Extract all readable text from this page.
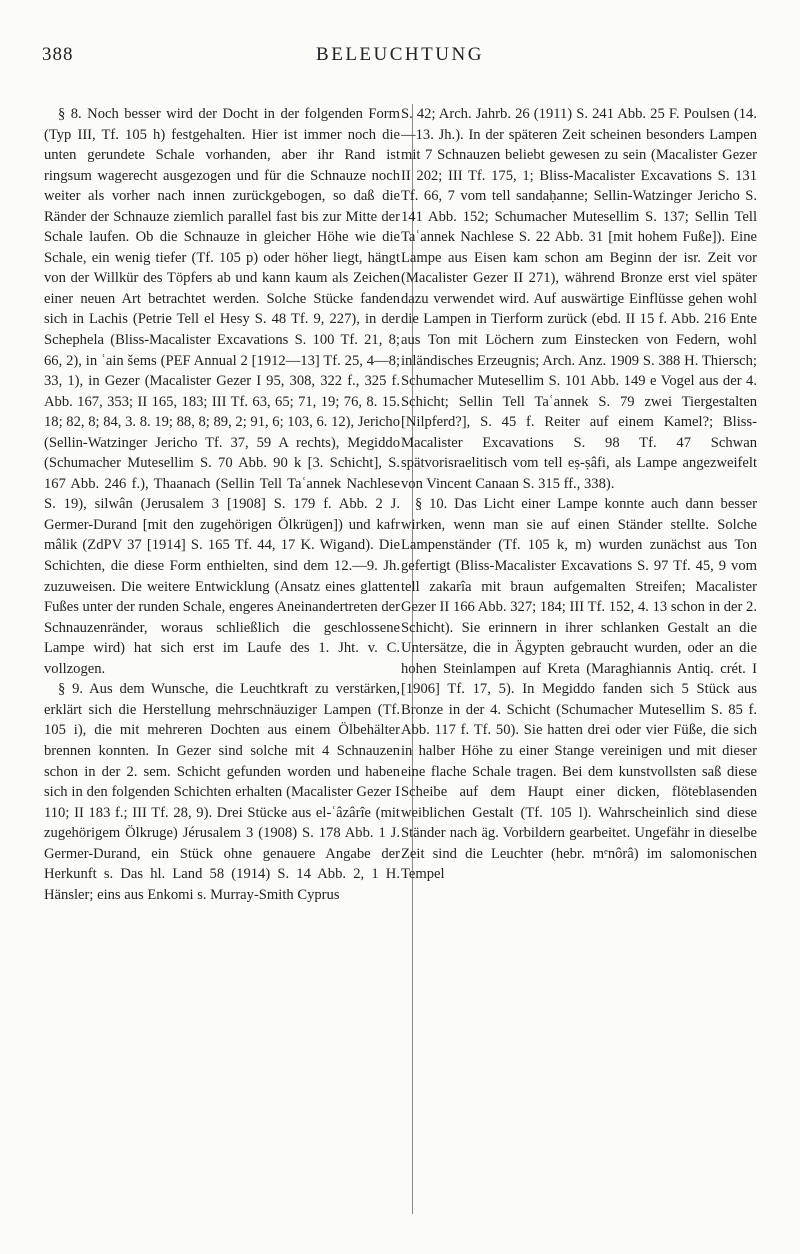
388	BELEUCHTUNG

§ 8. Noch besser wird der Docht in der folgenden Form (Typ III, Tf. 105 h) festgehalten. Hier ist immer noch die unten gerundete Schale vorhanden, aber ihr Rand ist ringsum wagerecht ausgezogen und für die Schnauze noch weiter als vorher nach innen zurückgebogen, so daß die Ränder der Schnauze ziemlich parallel fast bis zur Mitte der Schale laufen. Ob die Schnauze in gleicher Höhe wie die Schale, ein wenig tiefer (Tf. 105 p) oder höher liegt, hängt von der Willkür des Töpfers ab und kann kaum als Zeichen einer neuen Art betrachtet werden. Solche Stücke fanden sich in Lachis (Petrie Tell el Hesy S. 48 Tf. 9, 227), in der Schephela (Bliss-Macalister Excavations S. 100 Tf. 21, 8; 66, 2), in ʿain šems (PEF Annual 2 [1912—13] Tf. 25, 4—8; 33, 1), in Gezer (Macalister Gezer I 95, 308, 322 f., 325 f. Abb. 167, 353; II 165, 183; III Tf. 63, 65; 71, 19; 76, 8. 15. 18; 82, 8; 84, 3. 8. 19; 88, 8; 89, 2; 91, 6; 103, 6. 12), Jericho (Sellin-Watzinger Jericho Tf. 37, 59 A rechts), Megiddo (Schumacher Mutesellim S. 70 Abb. 90 k [3. Schicht], S. 167 Abb. 246 f.), Thaanach (Sellin Tell Taʿannek Nachlese S. 19), silwân (Jerusalem 3 [1908] S. 179 f. Abb. 2 J. Germer-Durand [mit den zugehörigen Ölkrügen]) und kafr mâlik (ZdPV 37 [1914] S. 165 Tf. 44, 17 K. Wigand). Die Schichten, die diese Form enthielten, sind dem 12.—9. Jh. zuzuweisen. Die weitere Entwicklung (Ansatz eines glatten Fußes unter der runden Schale, engeres Aneinandertreten der Schnauzenränder, woraus schließlich die geschlossene Lampe wird) hat sich erst im Laufe des 1. Jht. v. C. vollzogen.

§ 9. Aus dem Wunsche, die Leuchtkraft zu verstärken, erklärt sich die Herstellung mehrschnäuziger Lampen (Tf. 105 i), die mit mehreren Dochten aus einem Ölbehälter brennen konnten. In Gezer sind solche mit 4 Schnauzen schon in der 2. sem. Schicht gefunden worden und haben sich in den folgenden Schichten erhalten (Macalister Gezer I 110; II 183 f.; III Tf. 28, 9). Drei Stücke aus el-ʿâzârîe (mit zugehörigem Ölkruge) Jérusalem 3 (1908) S. 178 Abb. 1 J. Germer-Durand, ein Stück ohne genauere Angabe der Herkunft s. Das hl. Land 58 (1914) S. 14 Abb. 2, 1 H. Hänsler; eins aus Enkomi s. Murray-Smith Cyprus

S. 42; Arch. Jahrb. 26 (1911) S. 241 Abb. 25 F. Poulsen (14.—13. Jh.). In der späteren Zeit scheinen besonders Lampen mit 7 Schnauzen beliebt gewesen zu sein (Macalister Gezer II 202; III Tf. 175, 1; Bliss-Macalister Excavations S. 131 Tf. 66, 7 vom tell sandaḥanne; Sellin-Watzinger Jericho S. 141 Abb. 152; Schumacher Mutesellim S. 137; Sellin Tell Taʿannek Nachlese S. 22 Abb. 31 [mit hohem Fuße]). Eine Lampe aus Eisen kam schon am Beginn der isr. Zeit vor (Macalister Gezer II 271), während Bronze erst viel später dazu verwendet wird. Auf auswärtige Einflüsse gehen wohl die Lampen in Tierform zurück (ebd. II 15 f. Abb. 216 Ente aus Ton mit Löchern zum Einstecken von Federn, wohl inländisches Erzeugnis; Arch. Anz. 1909 S. 388 H. Thiersch; Schumacher Mutesellim S. 101 Abb. 149 e Vogel aus der 4. Schicht; Sellin Tell Taʿannek S. 79 zwei Tiergestalten [Nilpferd?], S. 45 f. Reiter auf einem Kamel?; Bliss-Macalister Excavations S. 98 Tf. 47 Schwan spätvorisraelitisch vom tell eṣ-ṣâfi, als Lampe angezweifelt von Vincent Canaan S. 315 ff., 338).

§ 10. Das Licht einer Lampe konnte auch dann besser wirken, wenn man sie auf einen Ständer stellte. Solche Lampenständer (Tf. 105 k, m) wurden zunächst aus Ton gefertigt (Bliss-Macalister Excavations S. 97 Tf. 45, 9 vom tell zakarîa mit braun aufgemalten Streifen; Macalister Gezer II 166 Abb. 327; 184; III Tf. 152, 4. 13 schon in der 2. Schicht). Sie erinnern in ihrer schlanken Gestalt an die Untersätze, die in Ägypten gebraucht wurden, oder an die hohen Steinlampen auf Kreta (Maraghiannis Antiq. crét. I [1906] Tf. 17, 5). In Megiddo fanden sich 5 Stück aus Bronze in der 4. Schicht (Schumacher Mutesellim S. 85 f. Abb. 117 f. Tf. 50). Sie hatten drei oder vier Füße, die sich in halber Höhe zu einer Stange vereinigen und mit dieser eine flache Schale tragen. Bei dem kunstvollsten saß diese Scheibe auf dem Haupt einer dicken, flöteblasenden weiblichen Gestalt (Tf. 105 l). Wahrscheinlich sind diese Ständer nach äg. Vorbildern gearbeitet. Ungefähr in dieselbe Zeit sind die Leuchter (hebr. mᵉnôrâ) im salomonischen Tempel
